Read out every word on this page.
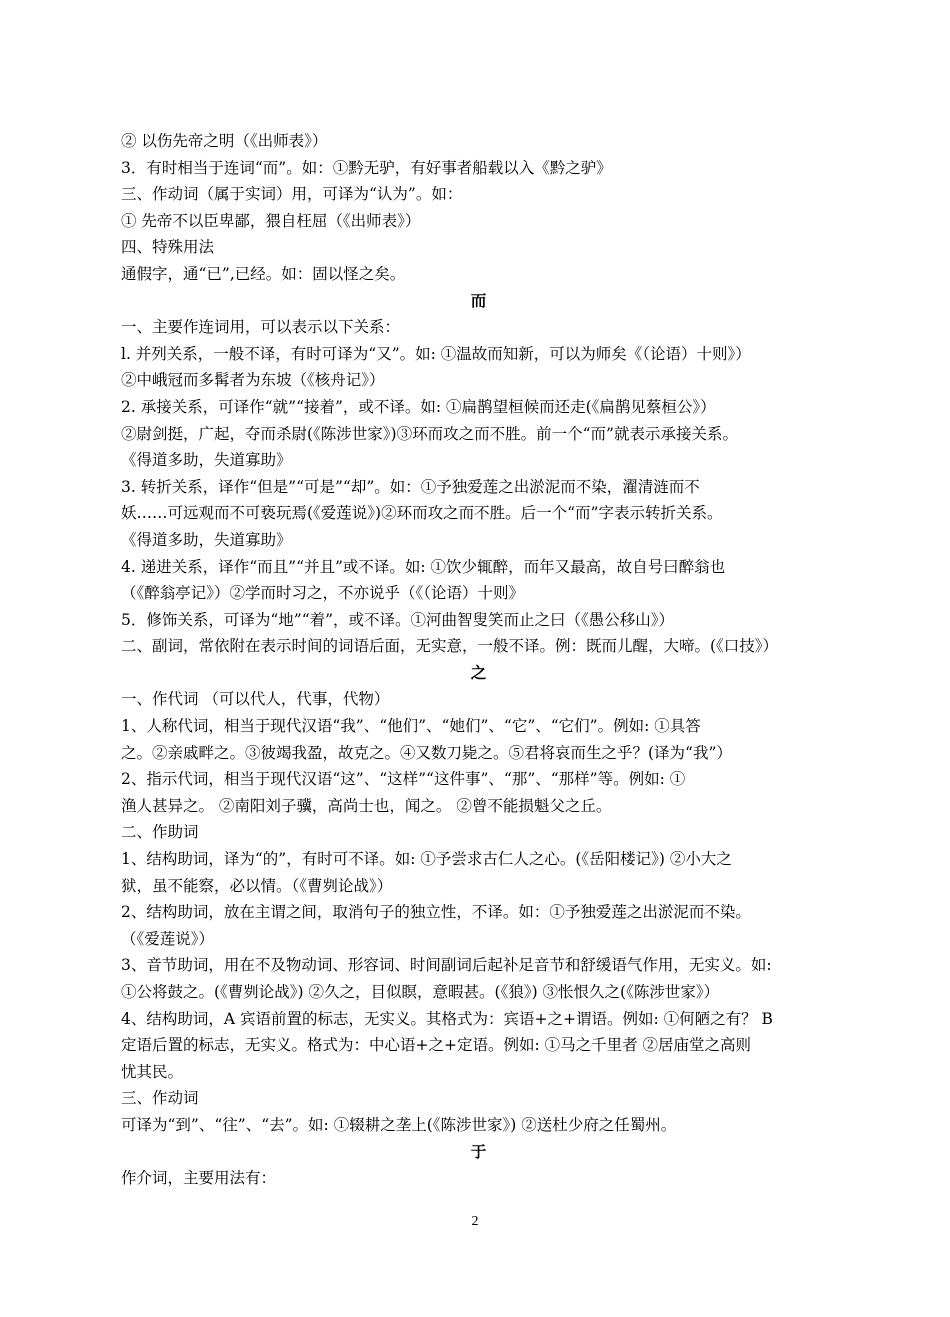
② 以伤先帝之明（《出师表》）
3．有时相当于连词“而”。如：①黔无驴，有好事者船载以入《黔之驴》
三、作动词（属于实词）用，可译为“认为”。如：
① 先帝不以臣卑鄙，猥自枉屈（《出师表》）
四、特殊用法
通假字，通“已”,已经。如：固以怪之矣。
而
一、主要作连词用，可以表示以下关系：
l. 并列关系，一般不译，有时可译为“又”。如: ①温故而知新，可以为师矣《（论语）十则》）
②中峨冠而多髯者为东坡（《核舟记》）
2. 承接关系，可译作“就”“接着”，或不译。如: ①扁鹊望桓候而还走(《扁鹊见蔡桓公》）
②尉剑挺，广起，夺而杀尉(《陈涉世家》)③环而攻之而不胜。前一个“而”就表示承接关系。
《得道多助，失道寡助》
3. 转折关系，译作“但是”“可是”“却”。如：①予独爱莲之出淤泥而不染，濯清涟而不
妖……可远观而不可亵玩焉(《爱莲说》)②环而攻之而不胜。后一个“而”字表示转折关系。
《得道多助，失道寡助》
4. 递进关系，译作“而且”“并且”或不译。如: ①饮少辄醉，而年又最高，故自号曰醉翁也
（《醉翁亭记》）②学而时习之，不亦说乎（《（论语）十则》
5．修饰关系，可译为“地”“着”，或不译。①河曲智叟笑而止之曰（《愚公移山》）
二、副词，常依附在表示时间的词语后面，无实意，一般不译。例：既而儿醒，大啼。(《口技》）
之
一、作代词 （可以代人，代事，代物）
1、人称代词，相当于现代汉语“我”、“他们”、“她们”、“它”、“它们”。例如: ①具答
之。②亲戚畔之。③彼竭我盈，故克之。④又数刀毙之。⑤君将哀而生之乎？(译为“我”）
2、指示代词，相当于现代汉语“这”、“这样”“这件事”、“那”、“那样”等。例如: ①
渔人甚异之。 ②南阳刘子骥，高尚士也，闻之。 ②曾不能损魁父之丘。
二、作助词
1、结构助词，译为“的”，有时可不译。如: ①予尝求古仁人之心。(《岳阳楼记》) ②小大之
狱，虽不能察，必以情。（《曹刿论战》）
2、结构助词，放在主谓之间，取消句子的独立性，不译。如：①予独爱莲之出淤泥而不染。
（《爱莲说》）
3、音节助词，用在不及物动词、形容词、时间副词后起补足音节和舒缓语气作用，无实义。如:
①公将鼓之。(《曹刿论战》) ②久之，目似瞑，意暇甚。(《狼》) ③怅恨久之(《陈涉世家》）
4、结构助词，A 宾语前置的标志，无实义。其格式为：宾语+之+谓语。例如: ①何陋之有？ B
定语后置的标志，无实义。格式为：中心语+之+定语。例如: ①马之千里者 ②居庙堂之高则
忧其民。
三、作动词
可译为“到”、“往”、“去”。如: ①辍耕之垄上(《陈涉世家》) ②送杜少府之任蜀州。
于
作介词，主要用法有：
2
